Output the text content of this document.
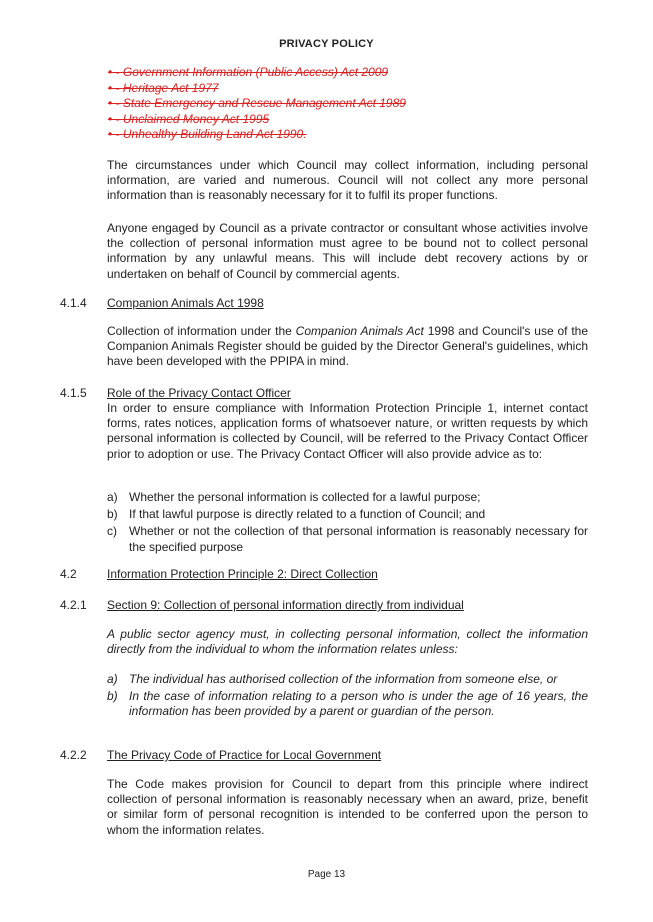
PRIVACY POLICY
• - Government Information (Public Access) Act 2009
• - Heritage Act 1977
• - State Emergency and Rescue Management Act 1989
• - Unclaimed Money Act 1995
• - Unhealthy Building Land Act 1990.

The circumstances under which Council may collect information, including personal information, are varied and numerous. Council will not collect any more personal information than is reasonably necessary for it to fulfil its proper functions.

Anyone engaged by Council as a private contractor or consultant whose activities involve the collection of personal information must agree to be bound not to collect personal information by any unlawful means. This will include debt recovery actions by or undertaken on behalf of Council by commercial agents.

4.1.4 Companion Animals Act 1998

Collection of information under the Companion Animals Act 1998 and Council's use of the Companion Animals Register should be guided by the Director General's guidelines, which have been developed with the PPIPA in mind.

4.1.5 Role of the Privacy Contact Officer

In order to ensure compliance with Information Protection Principle 1, internet contact forms, rates notices, application forms of whatsoever nature, or written requests by which personal information is collected by Council, will be referred to the Privacy Contact Officer prior to adoption or use. The Privacy Contact Officer will also provide advice as to:

a) Whether the personal information is collected for a lawful purpose;
b) If that lawful purpose is directly related to a function of Council; and
c) Whether or not the collection of that personal information is reasonably necessary for the specified purpose
4.2	Information Protection Principle 2: Direct Collection
4.2.1 Section 9: Collection of personal information directly from individual

A public sector agency must, in collecting personal information, collect the information directly from the individual to whom the information relates unless:

a) The individual has authorised collection of the information from someone else, or
b) In the case of information relating to a person who is under the age of 16 years, the information has been provided by a parent or guardian of the person.
4.2.2 The Privacy Code of Practice for Local Government

The Code makes provision for Council to depart from this principle where indirect collection of personal information is reasonably necessary when an award, prize, benefit or similar form of personal recognition is intended to be conferred upon the person to whom the information relates.

Page 13
